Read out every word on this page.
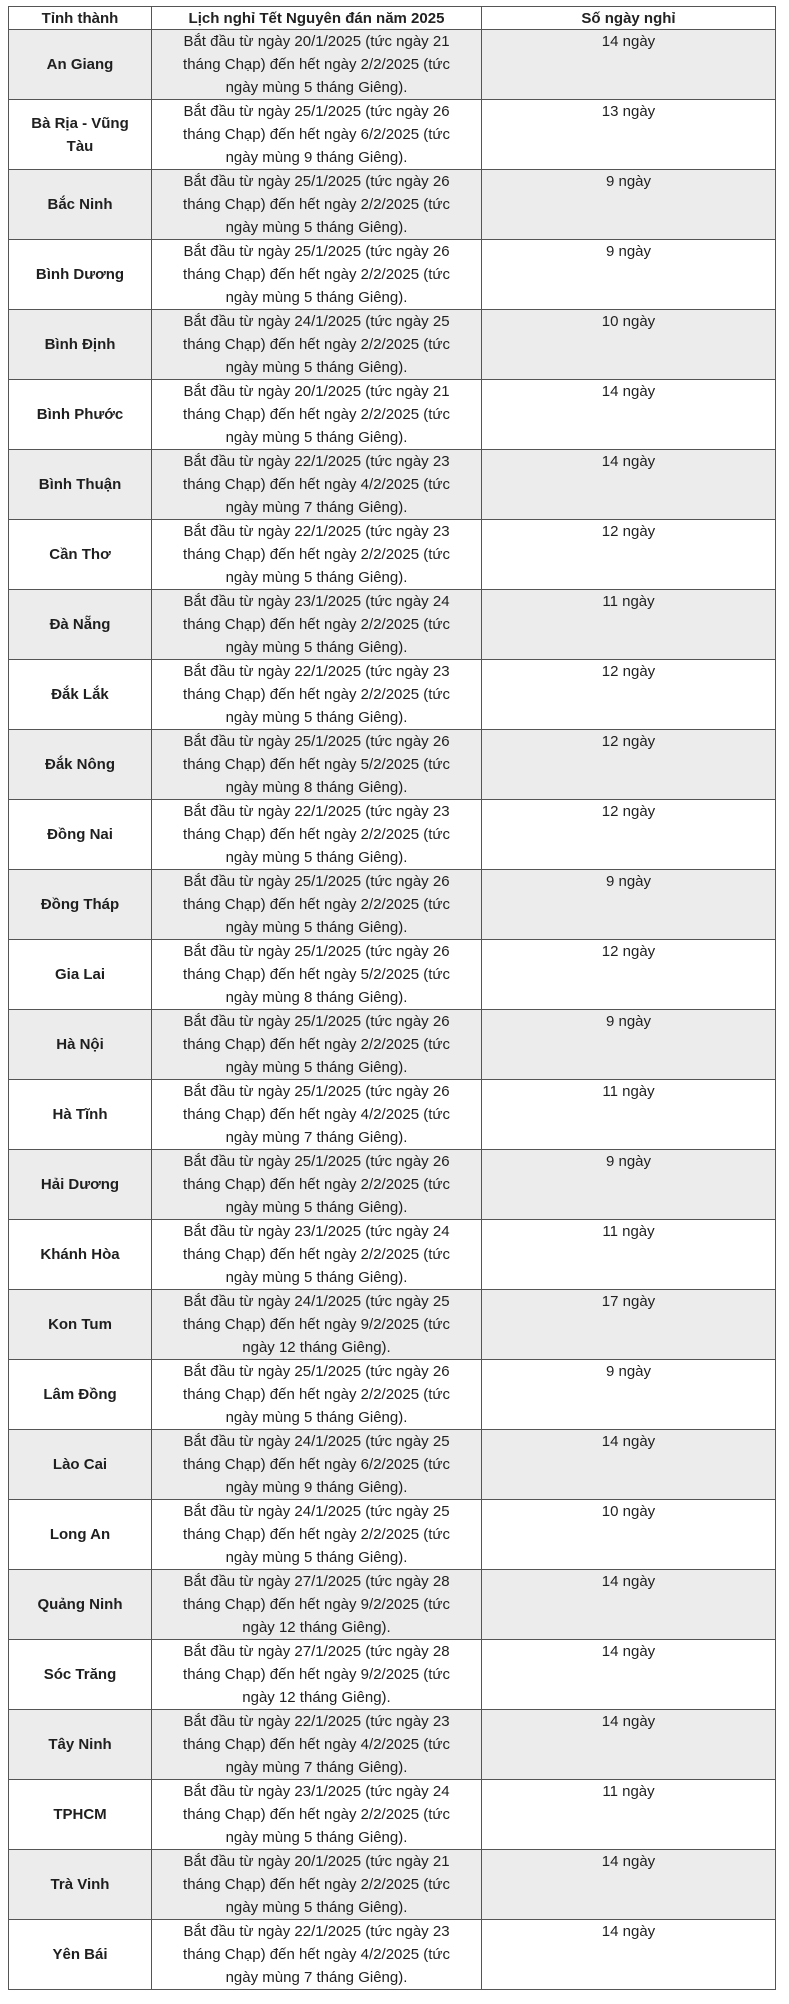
Tỉnh thành	Lịch nghỉ Tết Nguyên đán năm 2025	Số ngày nghỉ
An Giang	Bắt đầu từ ngày 20/1/2025 (tức ngày 21 tháng Chạp) đến hết ngày 2/2/2025 (tức ngày mùng 5 tháng Giêng).	14 ngày
Bà Rịa - Vũng Tàu	Bắt đầu từ ngày 25/1/2025 (tức ngày 26 tháng Chạp) đến hết ngày 6/2/2025 (tức ngày mùng 9 tháng Giêng).	13 ngày
Bắc Ninh	Bắt đầu từ ngày 25/1/2025 (tức ngày 26 tháng Chạp) đến hết ngày 2/2/2025 (tức ngày mùng 5 tháng Giêng).	9 ngày
Bình Dương	Bắt đầu từ ngày 25/1/2025 (tức ngày 26 tháng Chạp) đến hết ngày 2/2/2025 (tức ngày mùng 5 tháng Giêng).	9 ngày
Bình Định	Bắt đầu từ ngày 24/1/2025 (tức ngày 25 tháng Chạp) đến hết ngày 2/2/2025 (tức ngày mùng 5 tháng Giêng).	10 ngày
Bình Phước	Bắt đầu từ ngày 20/1/2025 (tức ngày 21 tháng Chạp) đến hết ngày 2/2/2025 (tức ngày mùng 5 tháng Giêng).	14 ngày
Bình Thuận	Bắt đầu từ ngày 22/1/2025 (tức ngày 23 tháng Chạp) đến hết ngày 4/2/2025 (tức ngày mùng 7 tháng Giêng).	14 ngày
Cần Thơ	Bắt đầu từ ngày 22/1/2025 (tức ngày 23 tháng Chạp) đến hết ngày 2/2/2025 (tức ngày mùng 5 tháng Giêng).	12 ngày
Đà Nẵng	Bắt đầu từ ngày 23/1/2025 (tức ngày 24 tháng Chạp) đến hết ngày 2/2/2025 (tức ngày mùng 5 tháng Giêng).	11 ngày
Đắk Lắk	Bắt đầu từ ngày 22/1/2025 (tức ngày 23 tháng Chạp) đến hết ngày 2/2/2025 (tức ngày mùng 5 tháng Giêng).	12 ngày
Đắk Nông	Bắt đầu từ ngày 25/1/2025 (tức ngày 26 tháng Chạp) đến hết ngày 5/2/2025 (tức ngày mùng 8 tháng Giêng).	12 ngày
Đồng Nai	Bắt đầu từ ngày 22/1/2025 (tức ngày 23 tháng Chạp) đến hết ngày 2/2/2025 (tức ngày mùng 5 tháng Giêng).	12 ngày
Đồng Tháp	Bắt đầu từ ngày 25/1/2025 (tức ngày 26 tháng Chạp) đến hết ngày 2/2/2025 (tức ngày mùng 5 tháng Giêng).	9 ngày
Gia Lai	Bắt đầu từ ngày 25/1/2025 (tức ngày 26 tháng Chạp) đến hết ngày 5/2/2025 (tức ngày mùng 8 tháng Giêng).	12 ngày
Hà Nội	Bắt đầu từ ngày 25/1/2025 (tức ngày 26 tháng Chạp) đến hết ngày 2/2/2025 (tức ngày mùng 5 tháng Giêng).	9 ngày
Hà Tĩnh	Bắt đầu từ ngày 25/1/2025 (tức ngày 26 tháng Chạp) đến hết ngày 4/2/2025 (tức ngày mùng 7 tháng Giêng).	11 ngày
Hải Dương	Bắt đầu từ ngày 25/1/2025 (tức ngày 26 tháng Chạp) đến hết ngày 2/2/2025 (tức ngày mùng 5 tháng Giêng).	9 ngày
Khánh Hòa	Bắt đầu từ ngày 23/1/2025 (tức ngày 24 tháng Chạp) đến hết ngày 2/2/2025 (tức ngày mùng 5 tháng Giêng).	11 ngày
Kon Tum	Bắt đầu từ ngày 24/1/2025 (tức ngày 25 tháng Chạp) đến hết ngày 9/2/2025 (tức ngày 12 tháng Giêng).	17 ngày
Lâm Đồng	Bắt đầu từ ngày 25/1/2025 (tức ngày 26 tháng Chạp) đến hết ngày 2/2/2025 (tức ngày mùng 5 tháng Giêng).	9 ngày
Lào Cai	Bắt đầu từ ngày 24/1/2025 (tức ngày 25 tháng Chạp) đến hết ngày 6/2/2025 (tức ngày mùng 9 tháng Giêng).	14 ngày
Long An	Bắt đầu từ ngày 24/1/2025 (tức ngày 25 tháng Chạp) đến hết ngày 2/2/2025 (tức ngày mùng 5 tháng Giêng).	10 ngày
Quảng Ninh	Bắt đầu từ ngày 27/1/2025 (tức ngày 28 tháng Chạp) đến hết ngày 9/2/2025 (tức ngày 12 tháng Giêng).	14 ngày
Sóc Trăng	Bắt đầu từ ngày 27/1/2025 (tức ngày 28 tháng Chạp) đến hết ngày 9/2/2025 (tức ngày 12 tháng Giêng).	14 ngày
Tây Ninh	Bắt đầu từ ngày 22/1/2025 (tức ngày 23 tháng Chạp) đến hết ngày 4/2/2025 (tức ngày mùng 7 tháng Giêng).	14 ngày
TPHCM	Bắt đầu từ ngày 23/1/2025 (tức ngày 24 tháng Chạp) đến hết ngày 2/2/2025 (tức ngày mùng 5 tháng Giêng).	11 ngày
Trà Vinh	Bắt đầu từ ngày 20/1/2025 (tức ngày 21 tháng Chạp) đến hết ngày 2/2/2025 (tức ngày mùng 5 tháng Giêng).	14 ngày
Yên Bái	Bắt đầu từ ngày 22/1/2025 (tức ngày 23 tháng Chạp) đến hết ngày 4/2/2025 (tức ngày mùng 7 tháng Giêng).	14 ngày
